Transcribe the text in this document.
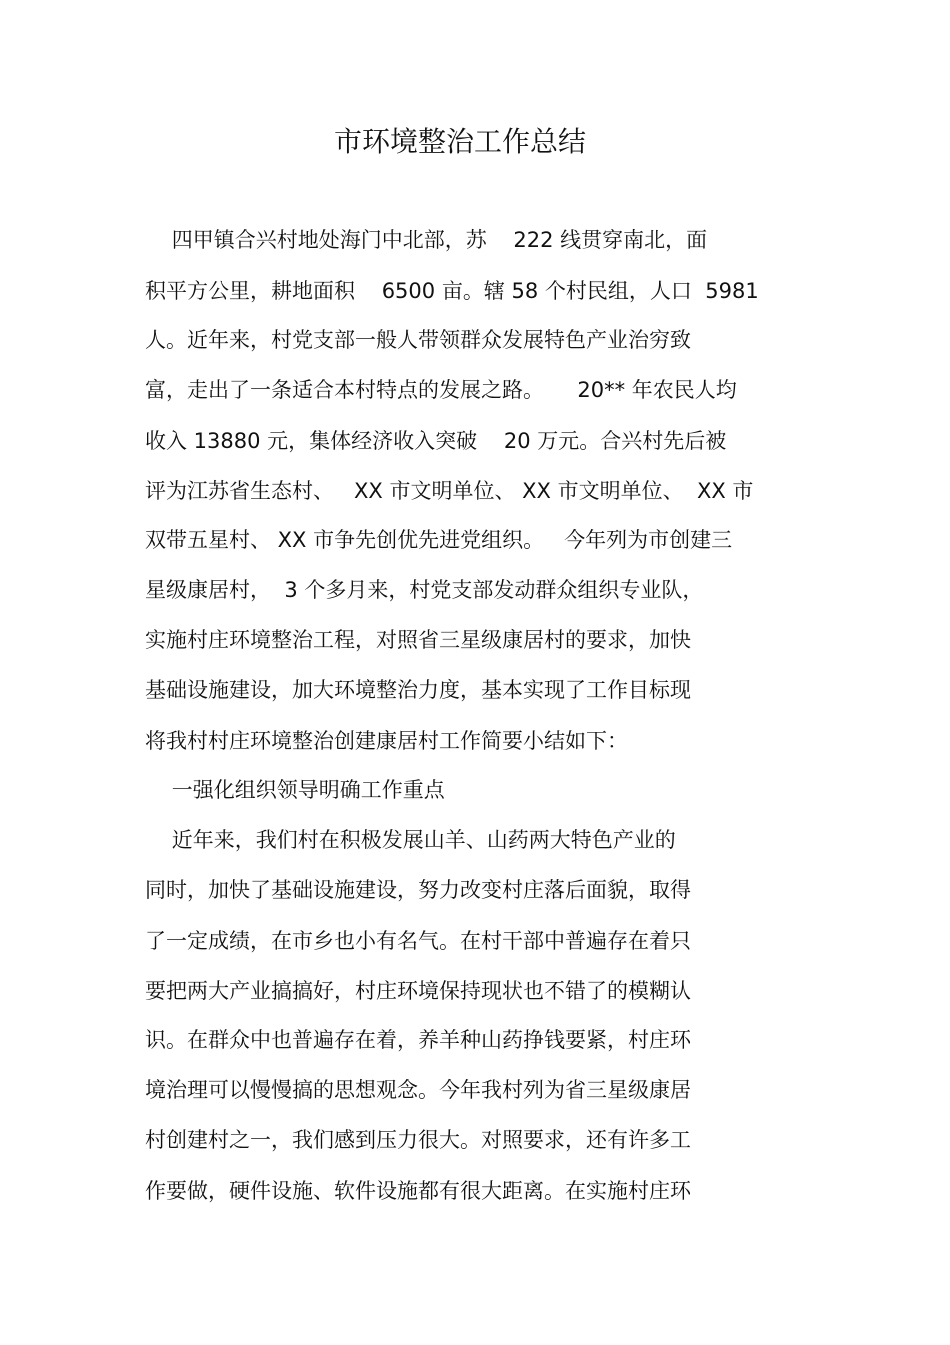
市环境整治工作总结
四甲镇合兴村地处海门中北部，苏    222 线贯穿南北，面
积平方公里，耕地面积    6500 亩。辖 58 个村民组，人口  5981
人。近年来，村党支部一般人带领群众发展特色产业治穷致
富，走出了一条适合本村特点的发展之路。     20** 年农民人均
收入 13880 元，集体经济收入突破    20 万元。合兴村先后被
评为江苏省生态村、   XX 市文明单位、 XX 市文明单位、  XX 市
双带五星村、 XX 市争先创优先进党组织。   今年列为市创建三
星级康居村，  3 个多月来，村党支部发动群众组织专业队，
实施村庄环境整治工程，对照省三星级康居村的要求，加快
基础设施建设，加大环境整治力度，基本实现了工作目标现
将我村村庄环境整治创建康居村工作简要小结如下：
一强化组织领导明确工作重点
近年来，我们村在积极发展山羊、山药两大特色产业的
同时，加快了基础设施建设，努力改变村庄落后面貌，取得
了一定成绩，在市乡也小有名气。在村干部中普遍存在着只
要把两大产业搞搞好，村庄环境保持现状也不错了的模糊认
识。在群众中也普遍存在着，养羊种山药挣钱要紧，村庄环
境治理可以慢慢搞的思想观念。今年我村列为省三星级康居
村创建村之一，我们感到压力很大。对照要求，还有许多工
作要做，硬件设施、软件设施都有很大距离。在实施村庄环
